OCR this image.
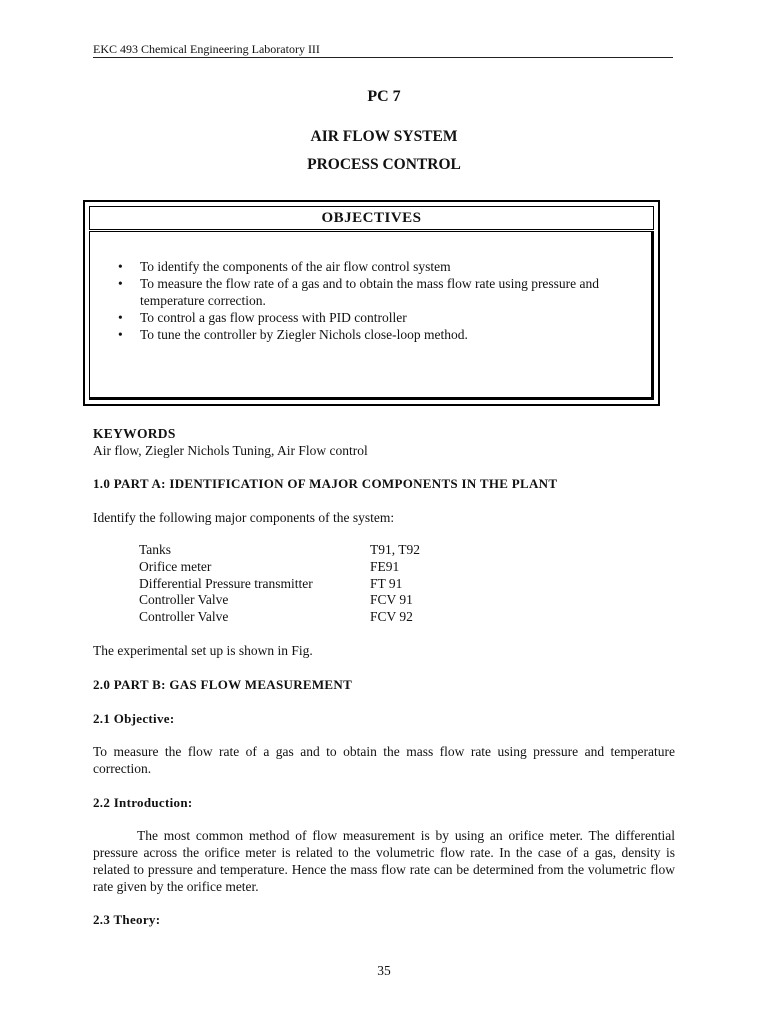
EKC 493 Chemical Engineering Laboratory III
PC 7
AIR FLOW SYSTEM
PROCESS CONTROL
OBJECTIVES
• To identify the components of the air flow control system
• To measure the flow rate of a gas and to obtain the mass flow rate using pressure and temperature correction.
• To control a gas flow process with PID controller
• To tune the controller by Ziegler Nichols close-loop method.
KEYWORDS
Air flow, Ziegler Nichols Tuning, Air Flow control
1.0 PART A: IDENTIFICATION OF MAJOR COMPONENTS IN THE PLANT
Identify the following major components of the system:
Tanks	T91, T92
Orifice meter	FE91
Differential Pressure transmitter	FT 91
Controller Valve	FCV 91
Controller Valve	FCV 92
The experimental set up is shown in Fig.
2.0 PART B: GAS FLOW MEASUREMENT
2.1 Objective:
To measure the flow rate of a gas and to obtain the mass flow rate using pressure and temperature correction.
2.2 Introduction:
The most common method of flow measurement is by using an orifice meter. The differential pressure across the orifice meter is related to the volumetric flow rate. In the case of a gas, density is related to pressure and temperature. Hence the mass flow rate can be determined from the volumetric flow rate given by the orifice meter.
2.3 Theory:
35
